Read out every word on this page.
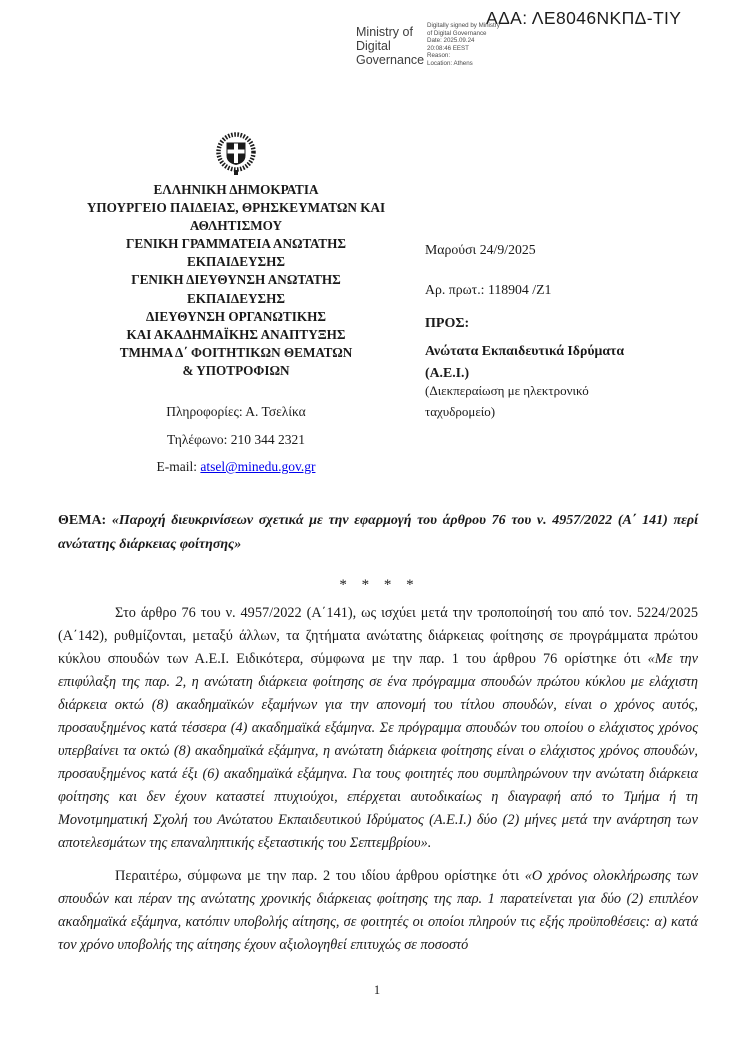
ΑΔΑ: ΛΕ8046ΝΚΠΔ-ΤΙΥ
Ministry of
Digital
Governance
Digitally signed by Ministry
of Digital Governance
Date: 2025.09.24
20:08:46 EEST
Reason:
Location: Athens
ΕΛΛΗΝΙΚΗ ΔΗΜΟΚΡΑΤΙΑ
ΥΠΟΥΡΓΕΙΟ ΠΑΙΔΕΙΑΣ, ΘΡΗΣΚΕΥΜΑΤΩΝ ΚΑΙ
ΑΘΛΗΤΙΣΜΟΥ
ΓΕΝΙΚΗ ΓΡΑΜΜΑΤΕΙΑ ΑΝΩΤΑΤΗΣ
ΕΚΠΑΙΔΕΥΣΗΣ
ΓΕΝΙΚΗ ΔΙΕΥΘΥΝΣΗ ΑΝΩΤΑΤΗΣ
ΕΚΠΑΙΔΕΥΣΗΣ
ΔΙΕΥΘΥΝΣΗ ΟΡΓΑΝΩΤΙΚΗΣ
ΚΑΙ ΑΚΑΔΗΜΑΪΚΗΣ ΑΝΑΠΤΥΞΗΣ
ΤΜΗΜΑ Δ΄ ΦΟΙΤΗΤΙΚΩΝ ΘΕΜΑΤΩΝ
& ΥΠΟΤΡΟΦΙΩΝ
Πληροφορίες: Α. Τσελίκα
Τηλέφωνο: 210 344 2321
E-mail: atsel@minedu.gov.gr
Μαρούσι 24/9/2025
Αρ. πρωτ.: 118904 /Ζ1
ΠΡΟΣ:
Ανώτατα Εκπαιδευτικά Ιδρύματα (Α.Ε.Ι.)
(Διεκπεραίωση με ηλεκτρονικό ταχυδρομείο)

ΘΕΜΑ: «Παροχή διευκρινίσεων σχετικά με την εφαρμογή του άρθρου 76 του ν. 4957/2022 (Α΄ 141) περί ανώτατης διάρκειας φοίτησης»

* * * *

Στο άρθρο 76 του ν. 4957/2022 (Α΄141), ως ισχύει μετά την τροποποίησή του από τον. 5224/2025 (Α΄142), ρυθμίζονται, μεταξύ άλλων, τα ζητήματα ανώτατης διάρκειας φοίτησης σε προγράμματα πρώτου κύκλου σπουδών των Α.Ε.Ι. Ειδικότερα, σύμφωνα με την παρ. 1 του άρθρου 76 ορίστηκε ότι «Με την επιφύλαξη της παρ. 2, η ανώτατη διάρκεια φοίτησης σε ένα πρόγραμμα σπουδών πρώτου κύκλου με ελάχιστη διάρκεια οκτώ (8) ακαδημαϊκών εξαμήνων για την απονομή του τίτλου σπουδών, είναι ο χρόνος αυτός, προσαυξημένος κατά τέσσερα (4) ακαδημαϊκά εξάμηνα. Σε πρόγραμμα σπουδών του οποίου ο ελάχιστος χρόνος υπερβαίνει τα οκτώ (8) ακαδημαϊκά εξάμηνα, η ανώτατη διάρκεια φοίτησης είναι ο ελάχιστος χρόνος σπουδών, προσαυξημένος κατά έξι (6) ακαδημαϊκά εξάμηνα. Για τους φοιτητές που συμπληρώνουν την ανώτατη διάρκεια φοίτησης και δεν έχουν καταστεί πτυχιούχοι, επέρχεται αυτοδικαίως η διαγραφή από το Τμήμα ή τη Μονοτμηματική Σχολή του Ανώτατου Εκπαιδευτικού Ιδρύματος (Α.Ε.Ι.) δύο (2) μήνες μετά την ανάρτηση των αποτελεσμάτων της επαναληπτικής εξεταστικής του Σεπτεμβρίου».

Περαιτέρω, σύμφωνα με την παρ. 2 του ιδίου άρθρου ορίστηκε ότι «Ο χρόνος ολοκλήρωσης των σπουδών και πέραν της ανώτατης χρονικής διάρκειας φοίτησης της παρ. 1 παρατείνεται για δύο (2) επιπλέον ακαδημαϊκά εξάμηνα, κατόπιν υποβολής αίτησης, σε φοιτητές οι οποίοι πληρούν τις εξής προϋποθέσεις: α) κατά τον χρόνο υποβολής της αίτησης έχουν αξιολογηθεί επιτυχώς σε ποσοστό

1
